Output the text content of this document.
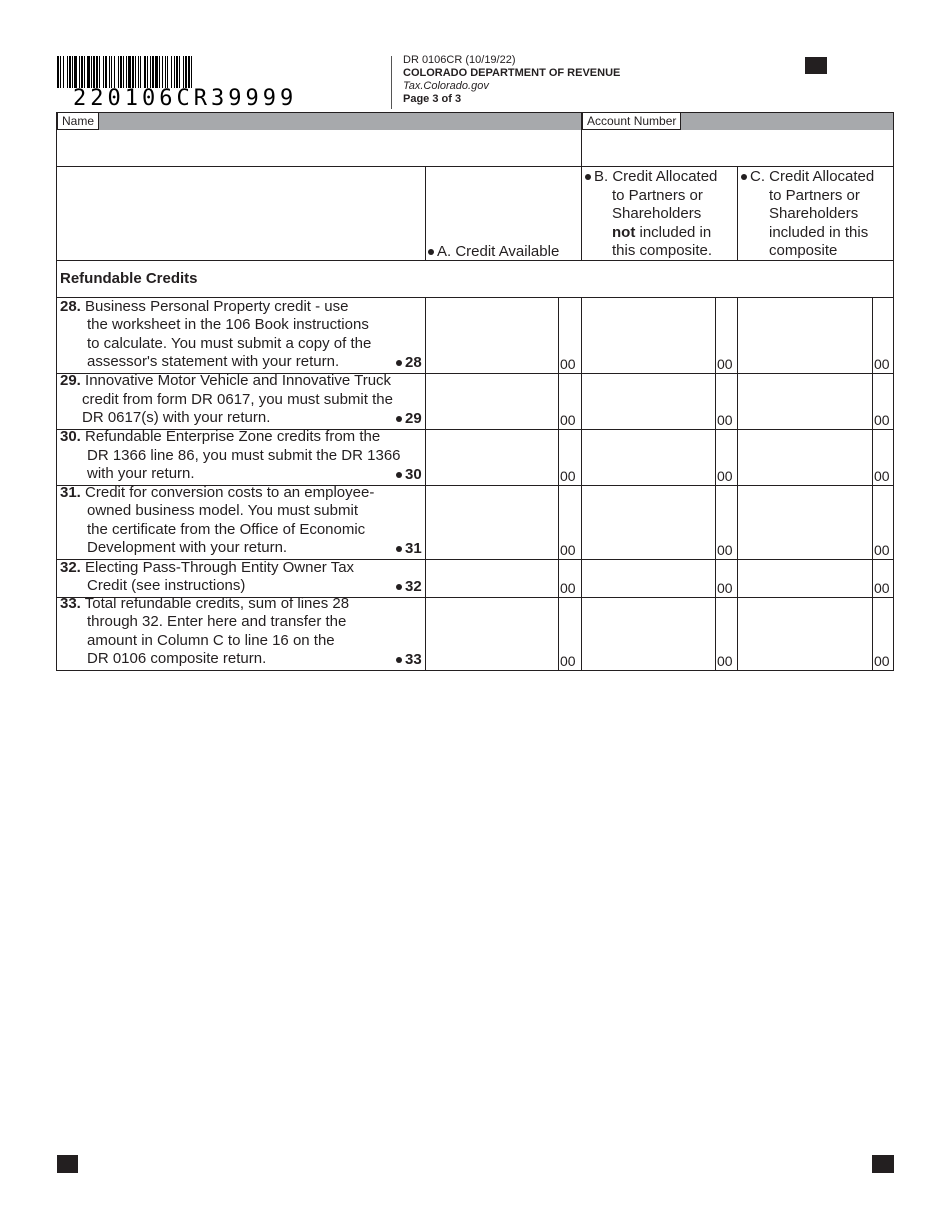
220106CR39999
DR 0106CR (10/19/22)
COLORADO DEPARTMENT OF REVENUE
Tax.Colorado.gov
Page 3 of 3
Name	Account Number
A. Credit Available
B. Credit Allocated
to Partners or
Shareholders
not included in
this composite.
C. Credit Allocated
to Partners or
Shareholders
included in this
composite
Refundable Credits
28. Business Personal Property credit - use
the worksheet in the 106 Book instructions
to calculate. You must submit a copy of the
assessor's statement with your return.	28	00	00	00
29. Innovative Motor Vehicle and Innovative Truck
credit from form DR 0617, you must submit the
DR 0617(s) with your return.	29	00	00	00
30. Refundable Enterprise Zone credits from the
DR 1366 line 86, you must submit the DR 1366
with your return.	30	00	00	00
31. Credit for conversion costs to an employee-
owned business model. You must submit
the certificate from the Office of Economic
Development with your return.	31	00	00	00
32. Electing Pass-Through Entity Owner Tax
Credit (see instructions)	32	00	00	00
33. Total refundable credits, sum of lines 28
through 32. Enter here and transfer the
amount in Column C to line 16 on the
DR 0106 composite return.	33	00	00	00
